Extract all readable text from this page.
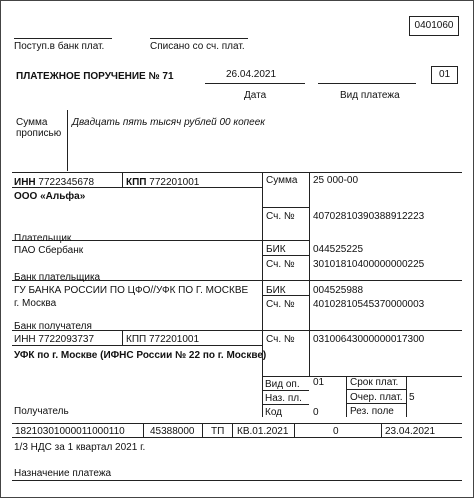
0401060
Поступ.в банк плат.	Списано со сч. плат.
ПЛАТЕЖНОЕ ПОРУЧЕНИЕ № 71	26.04.2021
Дата	Вид платежа
01
Сумма
прописью
Двадцать пять тысяч рублей 00 копеек
ИНН 7722345678	КПП 772201001
ООО «Альфа»
Плательщик
Сумма 25 000-00
Сч. № 40702810390388912223
ПАО Сбербанк
Банк плательщика
БИК	044525225
Сч. № 30101810400000000225
ГУ БАНКА РОССИИ ПО ЦФО//УФК ПО Г. МОСКВЕ
г. Москва
Банк получателя
БИК	004525988
Сч. № 40102810545370000003
ИНН 7722093737	КПП 772201001
УФК по г. Москве (ИФНС России № 22 по г. Москве)
Получатель
Сч. № 03100643000000017300
Вид оп. 01
Наз. пл.
Код	0
Срок плат.
Очер. плат. 5
Рез. поле
18210301000011000110	45388000 ТП КВ.01.2021	0	23.04.2021
1/3 НДС за 1 квартал 2021 г.
Назначение платежа
